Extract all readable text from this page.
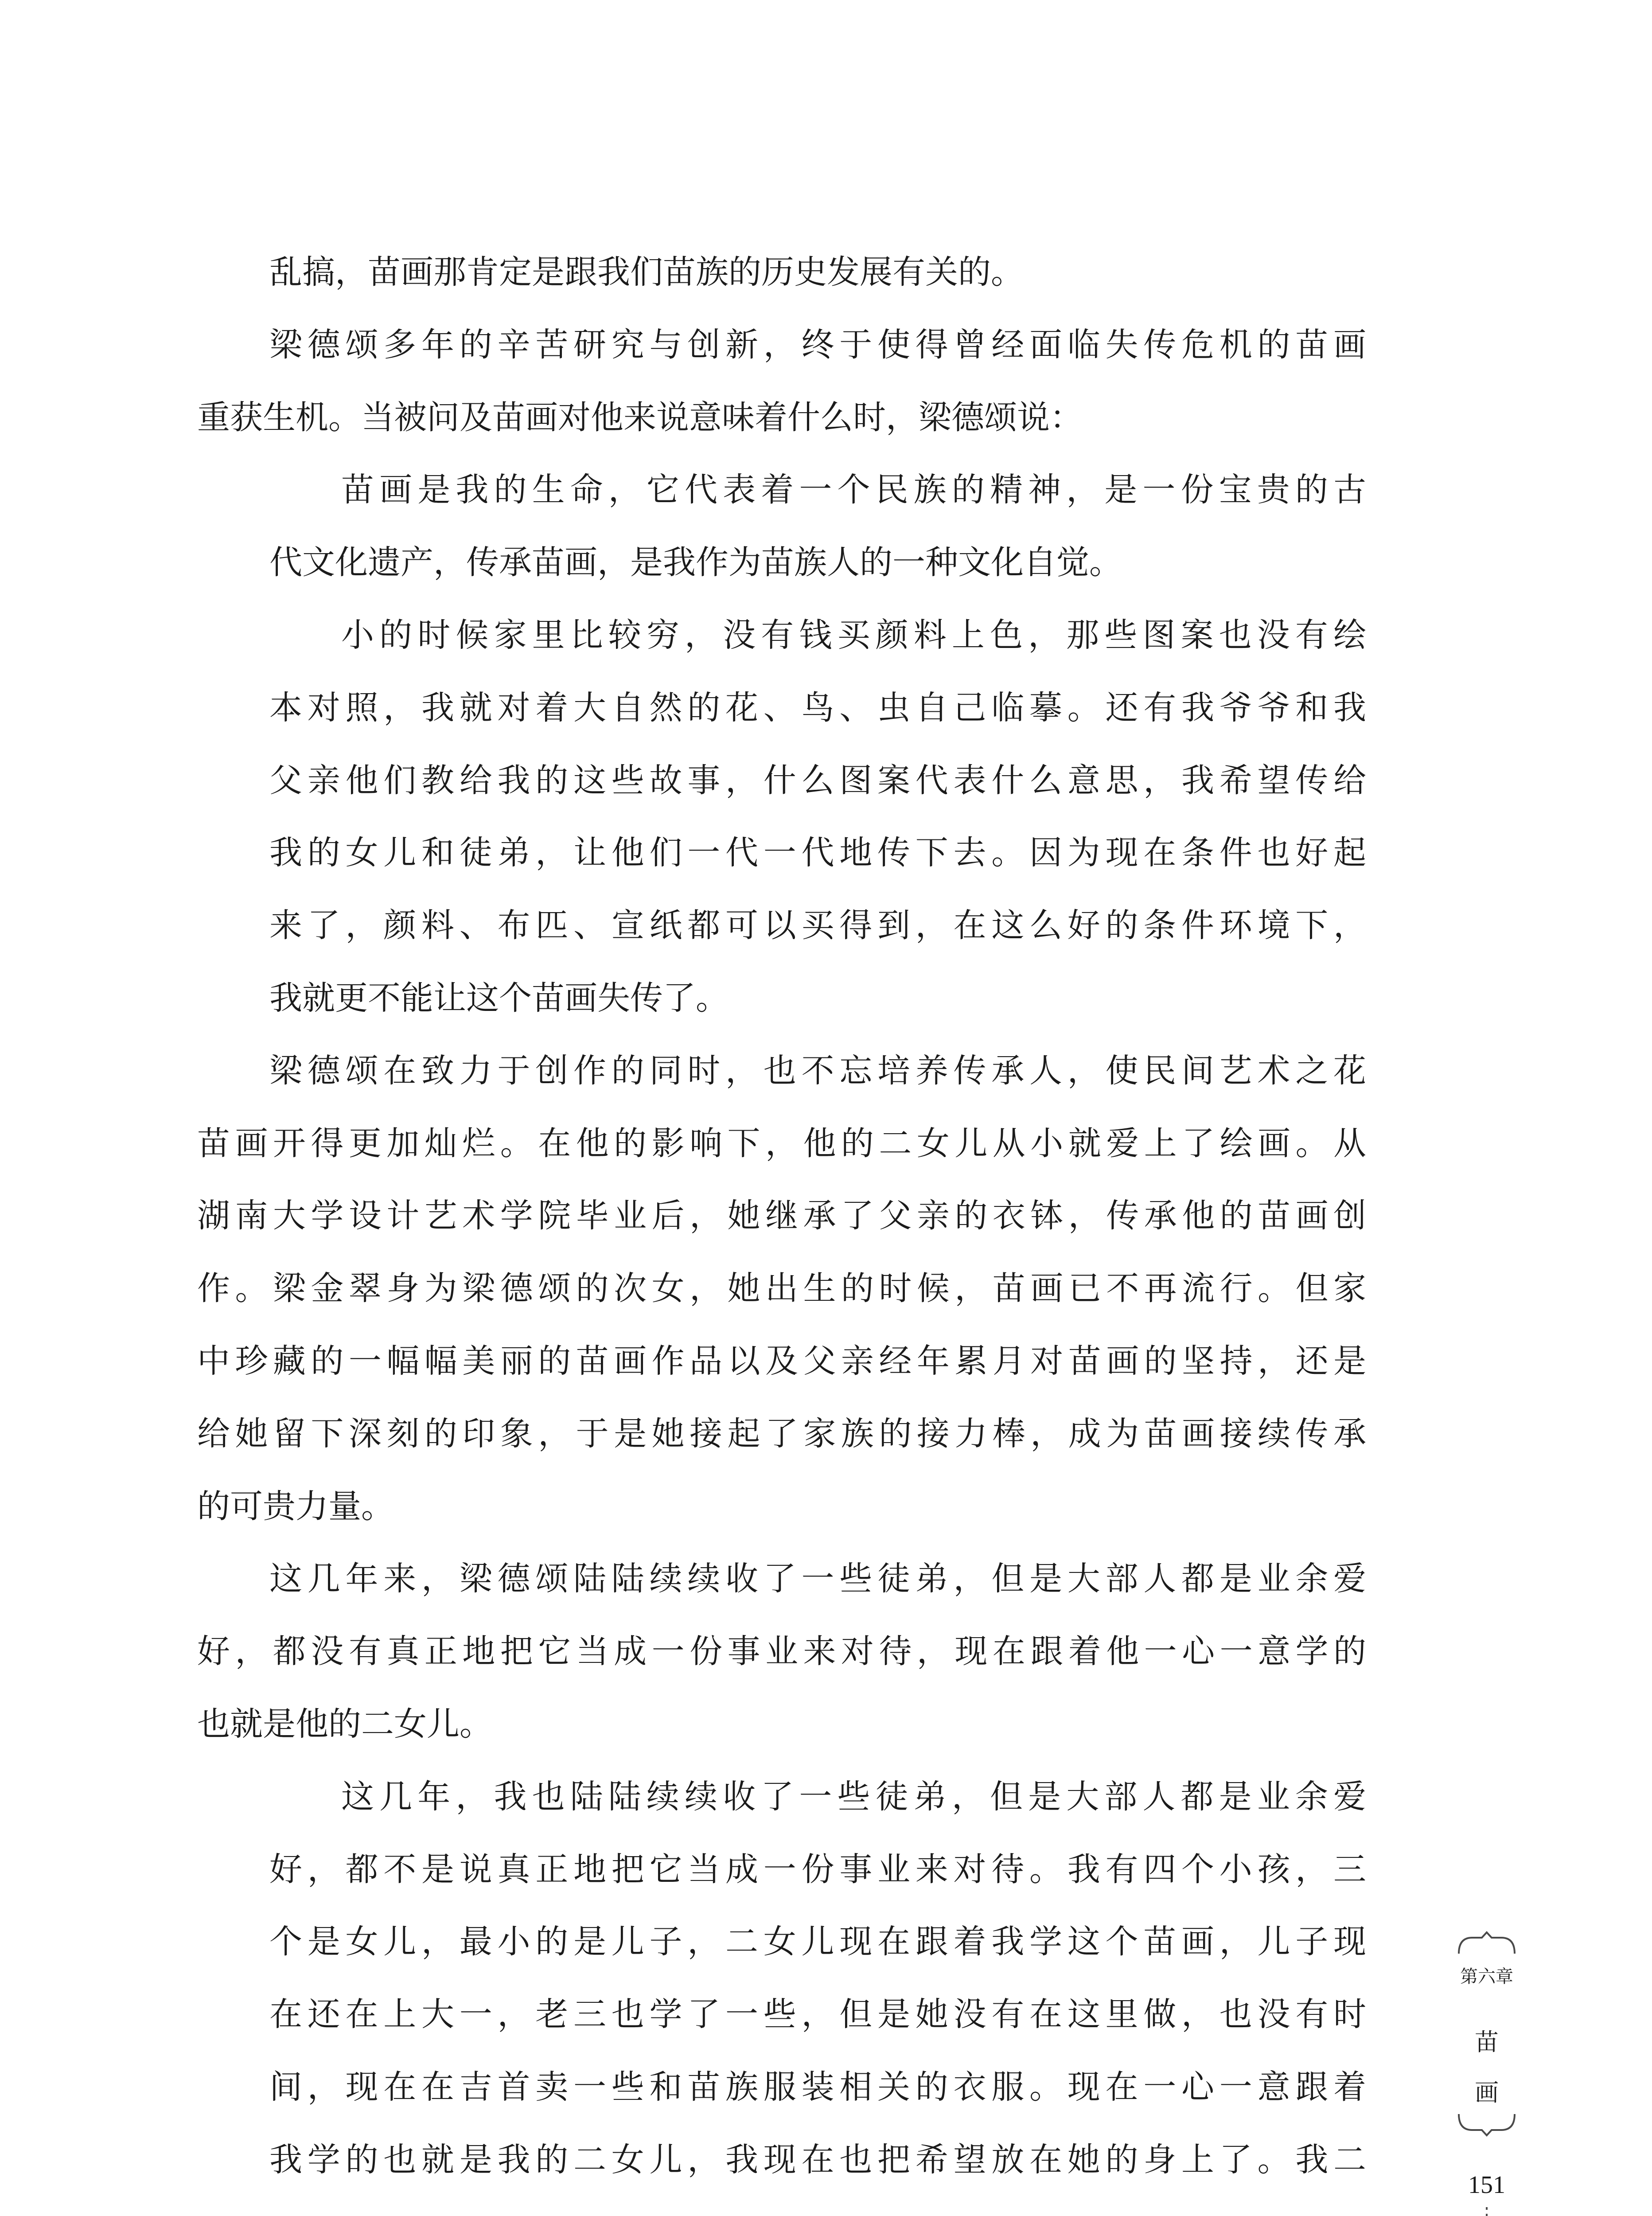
乱搞，苗画那肯定是跟我们苗族的历史发展有关的。
梁德颂多年的辛苦研究与创新，终于使得曾经面临失传危机的苗画
重获生机。当被问及苗画对他来说意味着什么时，梁德颂说：
苗画是我的生命，它代表着一个民族的精神，是一份宝贵的古
代文化遗产，传承苗画，是我作为苗族人的一种文化自觉。
小的时候家里比较穷，没有钱买颜料上色，那些图案也没有绘
本对照，我就对着大自然的花、鸟、虫自己临摹。还有我爷爷和我
父亲他们教给我的这些故事，什么图案代表什么意思，我希望传给
我的女儿和徒弟，让他们一代一代地传下去。因为现在条件也好起
来了，颜料、布匹、宣纸都可以买得到，在这么好的条件环境下，
我就更不能让这个苗画失传了。
梁德颂在致力于创作的同时，也不忘培养传承人，使民间艺术之花
苗画开得更加灿烂。在他的影响下，他的二女儿从小就爱上了绘画。从
湖南大学设计艺术学院毕业后，她继承了父亲的衣钵，传承他的苗画创
作。梁金翠身为梁德颂的次女，她出生的时候，苗画已不再流行。但家
中珍藏的一幅幅美丽的苗画作品以及父亲经年累月对苗画的坚持，还是
给她留下深刻的印象，于是她接起了家族的接力棒，成为苗画接续传承
的可贵力量。
这几年来，梁德颂陆陆续续收了一些徒弟，但是大部人都是业余爱
好，都没有真正地把它当成一份事业来对待，现在跟着他一心一意学的
也就是他的二女儿。
这几年，我也陆陆续续收了一些徒弟，但是大部人都是业余爱
好，都不是说真正地把它当成一份事业来对待。我有四个小孩，三
个是女儿，最小的是儿子，二女儿现在跟着我学这个苗画，儿子现
在还在上大一，老三也学了一些，但是她没有在这里做，也没有时
间，现在在吉首卖一些和苗族服装相关的衣服。现在一心一意跟着
我学的也就是我的二女儿，我现在也把希望放在她的身上了。我二
第六章
苗
画
151
